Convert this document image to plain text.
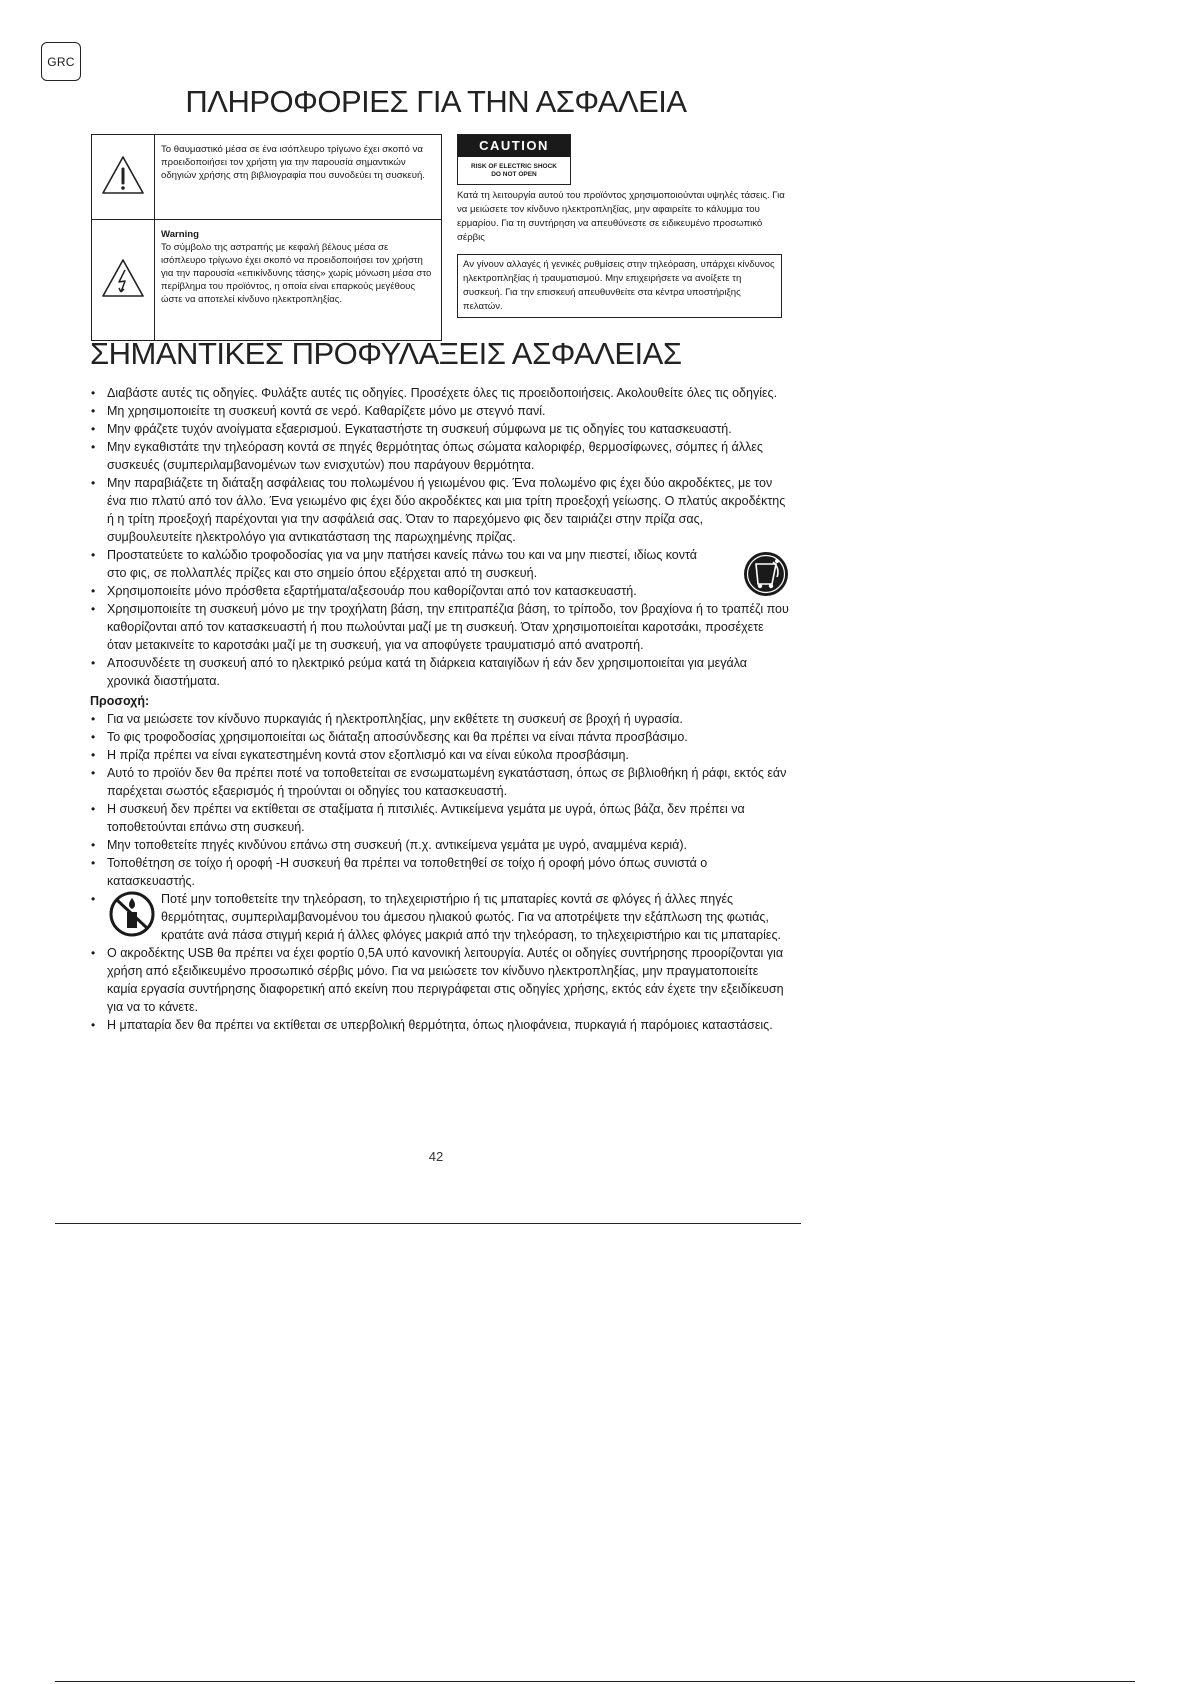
GRC
ΠΛΗΡΟΦΟΡΙΕΣ ΓΙΑ ΤΗΝ ΑΣΦΑΛΕΙΑ
	Το θαυμαστικό μέσα σε ένα ισόπλευρο τρίγωνο έχει σκοπό να προειδοποιήσει τον χρήστη για την παρουσία σημαντικών οδηγιών χρήσης στη βιβλιογραφία που συνοδεύει τη συσκευή.

Warning
Το σύμβολο της αστραπής με κεφαλή βέλους μέσα σε ισόπλευρο τρίγωνο έχει σκοπό να προειδοποιήσει τον χρήστη για την παρουσία «επικίνδυνης τάσης» χωρίς μόνωση μέσα στο περίβλημα του προϊόντος, η οποία είναι επαρκούς μεγέθους ώστε να αποτελεί κίνδυνο ηλεκτροπληξίας.
CAUTION
RISK OF ELECTRIC SHOCK
DO NOT OPEN

Κατά τη λειτουργία αυτού του προϊόντος χρησιμοποιούνται υψηλές τάσεις. Για να μειώσετε τον κίνδυνο ηλεκτροπληξίας, μην αφαιρείτε το κάλυμμα του ερμαρίου. Για τη συντήρηση να απευθύνεστε σε ειδικευμένο προσωπικό σέρβις

Αν γίνουν αλλαγές ή γενικές ρυθμίσεις στην τηλεόραση, υπάρχει κίνδυνος ηλεκτροπληξίας ή τραυματισμού. Μην επιχειρήσετε να ανοίξετε τη συσκευή. Για την επισκευή απευθυνθείτε στα κέντρα υποστήριξης πελατών.
ΣΗΜΑΝΤΙΚΕΣ ΠΡΟΦΥΛΑΞΕΙΣ ΑΣΦΑΛΕΙΑΣ
• Διαβάστε αυτές τις οδηγίες. Φυλάξτε αυτές τις οδηγίες. Προσέχετε όλες τις προειδοποιήσεις. Ακολουθείτε όλες τις οδηγίες.
• Μη χρησιμοποιείτε τη συσκευή κοντά σε νερό. Καθαρίζετε μόνο με στεγνό πανί.
• Μην φράζετε τυχόν ανοίγματα εξαερισμού. Εγκαταστήστε τη συσκευή σύμφωνα με τις οδηγίες του κατασκευαστή.
• Μην εγκαθιστάτε την τηλεόραση κοντά σε πηγές θερμότητας όπως σώματα καλοριφέρ, θερμοσίφωνες, σόμπες ή άλλες συσκευές (συμπεριλαμβανομένων των ενισχυτών) που παράγουν θερμότητα.
• Μην παραβιάζετε τη διάταξη ασφάλειας του πολωμένου ή γειωμένου φις. Ένα πολωμένο φις έχει δύο ακροδέκτες, με τον ένα πιο πλατύ από τον άλλο. Ένα γειωμένο φις έχει δύο ακροδέκτες και μια τρίτη προεξοχή γείωσης. Ο πλατύς ακροδέκτης ή η τρίτη προεξοχή παρέχονται για την ασφάλειά σας. Όταν το παρεχόμενο φις δεν ταιριάζει στην πρίζα σας, συμβουλευτείτε ηλεκτρολόγο για αντικατάσταση της παρωχημένης πρίζας.
• Προστατεύετε το καλώδιο τροφοδοσίας για να μην πατήσει κανείς πάνω του και να μην πιεστεί, ιδίως κοντά στο φις, σε πολλαπλές πρίζες και στο σημείο όπου εξέρχεται από τη συσκευή.
• Χρησιμοποιείτε μόνο πρόσθετα εξαρτήματα/αξεσουάρ που καθορίζονται από τον κατασκευαστή.
• Χρησιμοποιείτε τη συσκευή μόνο με την τροχήλατη βάση, την επιτραπέζια βάση, το τρίποδο, τον βραχίονα ή το τραπέζι που καθορίζονται από τον κατασκευαστή ή που πωλούνται μαζί με τη συσκευή. Όταν χρησιμοποιείται καροτσάκι, προσέχετε όταν μετακινείτε το καροτσάκι μαζί με τη συσκευή, για να αποφύγετε τραυματισμό από ανατροπή.
• Αποσυνδέετε τη συσκευή από το ηλεκτρικό ρεύμα κατά τη διάρκεια καταιγίδων ή εάν δεν χρησιμοποιείται για μεγάλα χρονικά διαστήματα.
Προσοχή:
• Για να μειώσετε τον κίνδυνο πυρκαγιάς ή ηλεκτροπληξίας, μην εκθέτετε τη συσκευή σε βροχή ή υγρασία.
• Το φις τροφοδοσίας χρησιμοποιείται ως διάταξη αποσύνδεσης και θα πρέπει να είναι πάντα προσβάσιμο.
• Η πρίζα πρέπει να είναι εγκατεστημένη κοντά στον εξοπλισμό και να είναι εύκολα προσβάσιμη.
• Αυτό το προϊόν δεν θα πρέπει ποτέ να τοποθετείται σε ενσωματωμένη εγκατάσταση, όπως σε βιβλιοθήκη ή ράφι, εκτός εάν παρέχεται σωστός εξαερισμός ή τηρούνται οι οδηγίες του κατασκευαστή.
• Η συσκευή δεν πρέπει να εκτίθεται σε σταξίματα ή πιτσιλιές. Αντικείμενα γεμάτα με υγρά, όπως βάζα, δεν πρέπει να τοποθετούνται επάνω στη συσκευή.
• Μην τοποθετείτε πηγές κινδύνου επάνω στη συσκευή (π.χ. αντικείμενα γεμάτα με υγρό, αναμμένα κεριά).
• Τοποθέτηση σε τοίχο ή οροφή -Η συσκευή θα πρέπει να τοποθετηθεί σε τοίχο ή οροφή μόνο όπως συνιστά ο κατασκευαστής.
• Ποτέ μην τοποθετείτε την τηλεόραση, το τηλεχειριστήριο ή τις μπαταρίες κοντά σε φλόγες ή άλλες πηγές θερμότητας, συμπεριλαμβανομένου του άμεσου ηλιακού φωτός. Για να αποτρέψετε την εξάπλωση της φωτιάς, κρατάτε ανά πάσα στιγμή κεριά ή άλλες φλόγες μακριά από την τηλεόραση, το τηλεχειριστήριο και τις μπαταρίες.
• Ο ακροδέκτης USB θα πρέπει να έχει φορτίο 0,5A υπό κανονική λειτουργία. Αυτές οι οδηγίες συντήρησης προορίζονται για χρήση από εξειδικευμένο προσωπικό σέρβις μόνο. Για να μειώσετε τον κίνδυνο ηλεκτροπληξίας, μην πραγματοποιείτε καμία εργασία συντήρησης διαφορετική από εκείνη που περιγράφεται στις οδηγίες χρήσης, εκτός εάν έχετε την εξειδίκευση για να το κάνετε.
• Η μπαταρία δεν θα πρέπει να εκτίθεται σε υπερβολική θερμότητα, όπως ηλιοφάνεια, πυρκαγιά ή παρόμοιες καταστάσεις.
42
